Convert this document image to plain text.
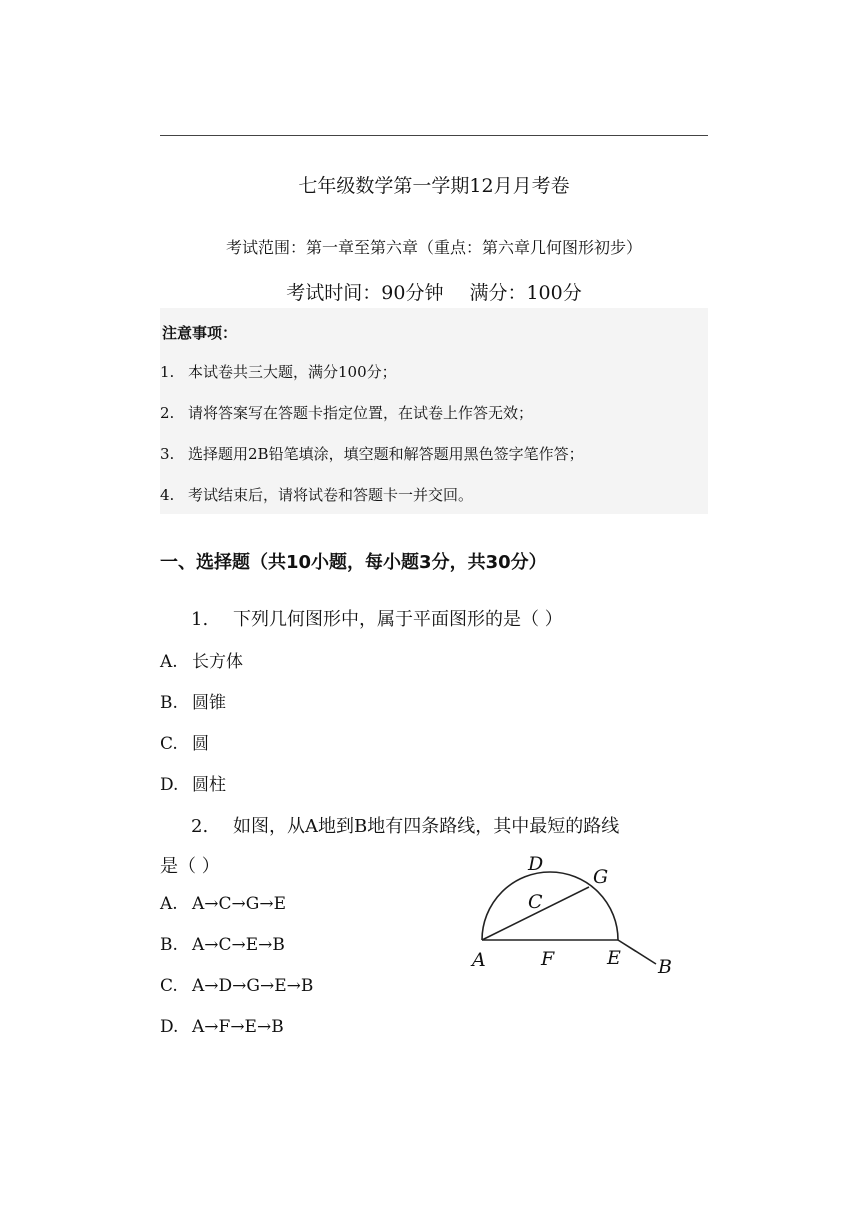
七年级数学第一学期12月月考卷
考试范围：第一章至第六章（重点：第六章几何图形初步）
考试时间：90分钟 满分：100分
注意事项：
1. 本试卷共三大题，满分100分；
2. 请将答案写在答题卡指定位置，在试卷上作答无效；
3. 选择题用2B铅笔填涂，填空题和解答题用黑色签字笔作答；
4. 考试结束后，请将试卷和答题卡一并交回。
一、选择题（共10小题，每小题3分，共30分）
1. 下列几何图形中，属于平面图形的是（ ）
A. 长方体
B. 圆锥
C. 圆
D. 圆柱
2. 如图，从A地到B地有四条路线，其中最短的路线
是（ ）
A. A→C→G→E
B. A→C→E→B
C. A→D→G→E→B
D. A→F→E→B
D
G
C
A	F	E B
